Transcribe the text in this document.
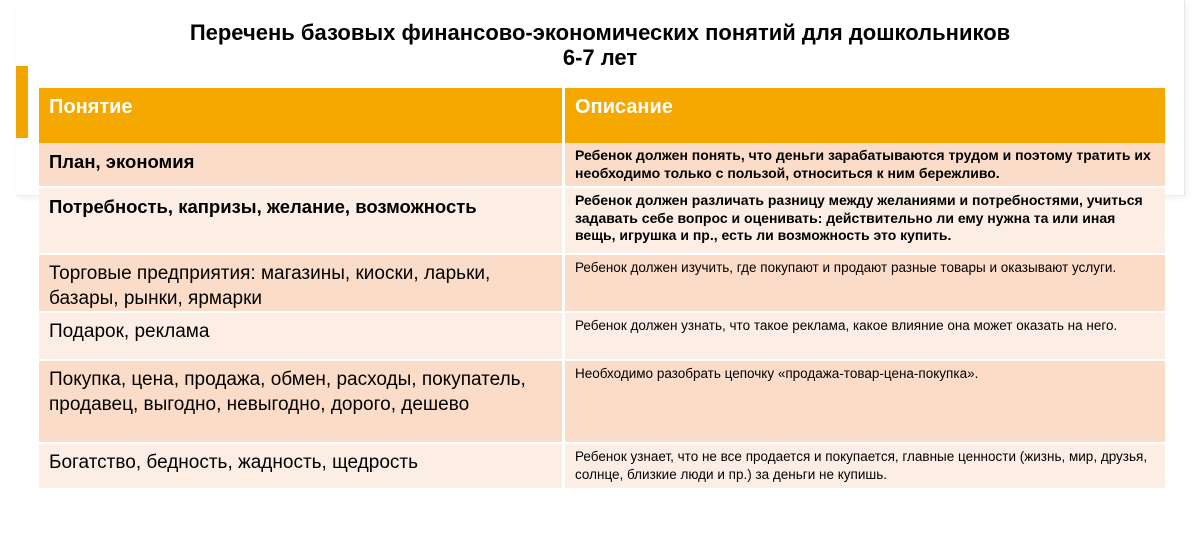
Перечень базовых финансово-экономических понятий для дошкольников
6-7 лет
Понятие	Описание
План, экономия	Ребенок должен понять, что деньги зарабатываются трудом и поэтому тратить их необходимо только с пользой, относиться к ним бережливо.
Потребность, капризы, желание, возможность	Ребенок должен различать разницу между желаниями и потребностями, учиться задавать себе вопрос и оценивать: действительно ли ему нужна та или иная вещь, игрушка и пр., есть ли возможность это купить.
Торговые предприятия: магазины, киоски, ларьки, базары, рынки, ярмарки	Ребенок должен изучить, где покупают и продают разные товары и оказывают услуги.
Подарок, реклама	Ребенок должен узнать, что такое реклама, какое влияние она может оказать на него.
Покупка, цена, продажа, обмен, расходы, покупатель, продавец, выгодно, невыгодно, дорого, дешево	Необходимо разобрать цепочку «продажа-товар-цена-покупка».
Богатство, бедность, жадность, щедрость	Ребенок узнает, что не все продается и покупается, главные ценности (жизнь, мир, друзья, солнце, близкие люди и пр.) за деньги не купишь.
